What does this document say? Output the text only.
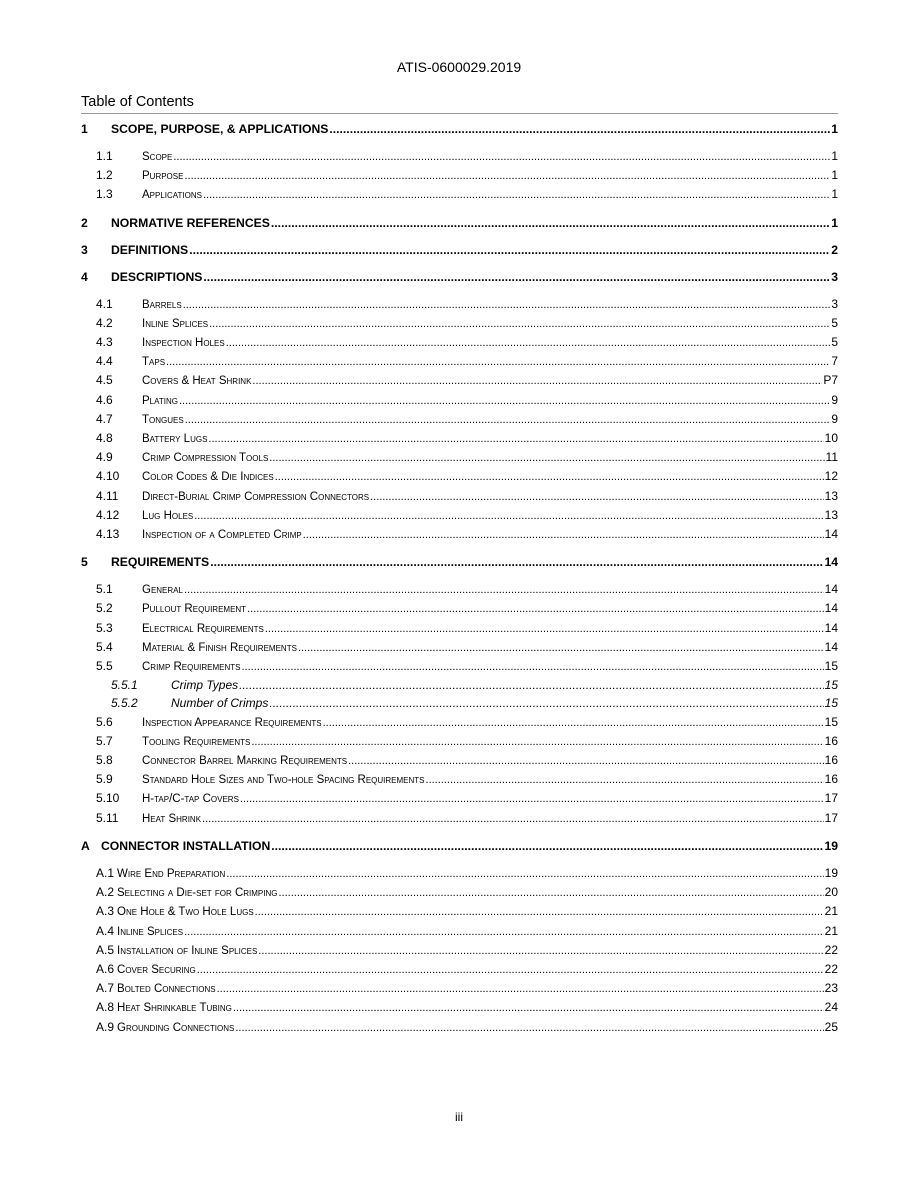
ATIS-0600029.2019
Table of Contents
1	SCOPE, PURPOSE, & APPLICATIONS .....	1
1.1	Scope .....	1
1.2	Purpose .....	1
1.3	Applications .....	1
2	NORMATIVE REFERENCES .....	1
3	DEFINITIONS .....	2
4	DESCRIPTIONS .....	3
4.1	Barrels .....	3
4.2	Inline Splices .....	5
4.3	Inspection Holes .....	5
4.4	Taps .....	7
4.5	Covers & Heat Shrink .....	P7
4.6	Plating .....	9
4.7	Tongues .....	9
4.8	Battery Lugs .....	10
4.9	Crimp Compression Tools .....	11
4.10	Color Codes & Die Indices .....	12
4.11	Direct-Burial Crimp Compression Connectors .....	13
4.12	Lug Holes .....	13
4.13	Inspection of a Completed Crimp .....	14
5	REQUIREMENTS .....	14
5.1	General .....	14
5.2	Pullout Requirement .....	14
5.3	Electrical Requirements .....	14
5.4	Material & Finish Requirements .....	14
5.5	Crimp Requirements .....	15
5.5.1	Crimp Types .....	15
5.5.2	Number of Crimps .....	15
5.6	Inspection Appearance Requirements .....	15
5.7	Tooling Requirements .....	16
5.8	Connector Barrel Marking Requirements .....	16
5.9	Standard Hole Sizes and Two-hole Spacing Requirements .....	16
5.10	H-tap/C-tap Covers .....	17
5.11	Heat Shrink .....	17
A CONNECTOR INSTALLATION .....	19
A.1 Wire End Preparation .....	19
A.2 Selecting a Die-set for Crimping .....	20
A.3 One Hole & Two Hole Lugs .....	21
A.4 Inline Splices .....	21
A.5 Installation of Inline Splices .....	22
A.6 Cover Securing .....	22
A.7 Bolted Connections .....	23
A.8 Heat Shrinkable Tubing .....	24
A.9 Grounding Connections .....	25
iii
